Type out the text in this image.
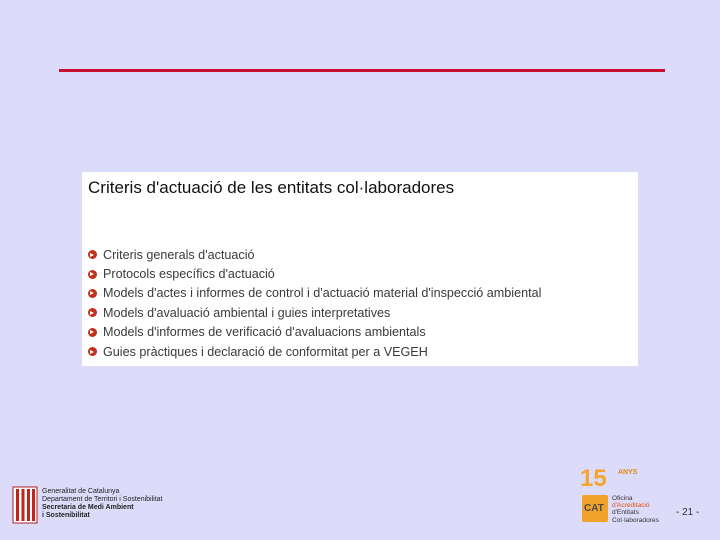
Criteris d'actuació de les entitats col·laboradores
Criteris generals d'actuació
Protocols específics d'actuació
Models d'actes i informes de control i d'actuació material d'inspecció ambiental
Models d'avaluació ambiental i guies interpretatives
Models d'informes de verificació d'avaluacions ambientals
Guies pràctiques i declaració de conformitat per a VEGEH
Generalitat de Catalunya
Departament de Territori i Sostenibilitat
Secretaria de Medi Ambient
i Sostenibilitat
15 ANYS
CAT
Oficina
d'Acreditació
d'Entitats
Col·laboradores
- 21 -
